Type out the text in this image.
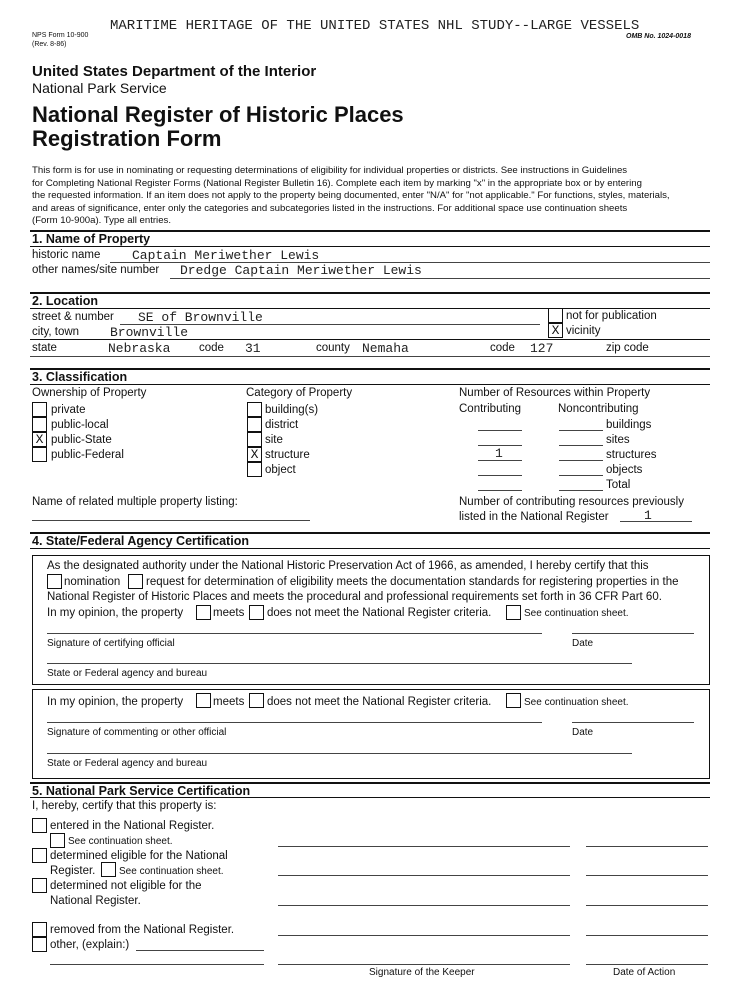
MARITIME HERITAGE OF THE UNITED STATES NHL STUDY--LARGE VESSELS
NPS Form 10-900
(Rev. 8-86)
OMB No. 1024-0018
United States Department of the Interior
National Park Service
National Register of Historic Places
Registration Form
This form is for use in nominating or requesting determinations of eligibility for individual properties or districts. See instructions in Guidelines
for Completing National Register Forms (National Register Bulletin 16). Complete each item by marking "x" in the appropriate box or by entering
the requested information. If an item does not apply to the property being documented, enter "N/A" for "not applicable." For functions, styles, materials,
and areas of significance, enter only the categories and subcategories listed in the instructions. For additional space use continuation sheets
(Form 10-900a). Type all entries.
1. Name of Property
historic name Captain Meriwether Lewis
other names/site number Dredge Captain Meriwether Lewis
2. Location
street & number SE of Brownville	not for publication
city, town Brownville	X vicinity
state	Nebraska code 31	county Nemaha	code 127	zip code
3. Classification
Ownership of Property
private
public-local
X public-State
public-Federal
Category of Property
building(s)
district
site
X structure
object
Number of Resources within Property
Contributing	Noncontributing
buildings
sites
1	structures
objects
Total
Name of related multiple property listing:	Number of contributing resources previously
listed in the National Register	1
4. State/Federal Agency Certification
As the designated authority under the National Historic Preservation Act of 1966, as amended, I hereby certify that this
nomination request for determination of eligibility meets the documentation standards for registering properties in the
National Register of Historic Places and meets the procedural and professional requirements set forth in 36 CFR Part 60.
In my opinion, the property	meets does not meet the National Register criteria.	See continuation sheet.
Signature of certifying official	Date
State or Federal agency and bureau
In my opinion, the property	meets does not meet the National Register criteria.	See continuation sheet.
Signature of commenting or other official	Date
State or Federal agency and bureau
5. National Park Service Certification
I, hereby, certify that this property is:
entered in the National Register.
See continuation sheet.
determined eligible for the National
Register. See continuation sheet.
determined not eligible for the
National Register.
removed from the National Register.
other, (explain:)
Signature of the Keeper	Date of Action
